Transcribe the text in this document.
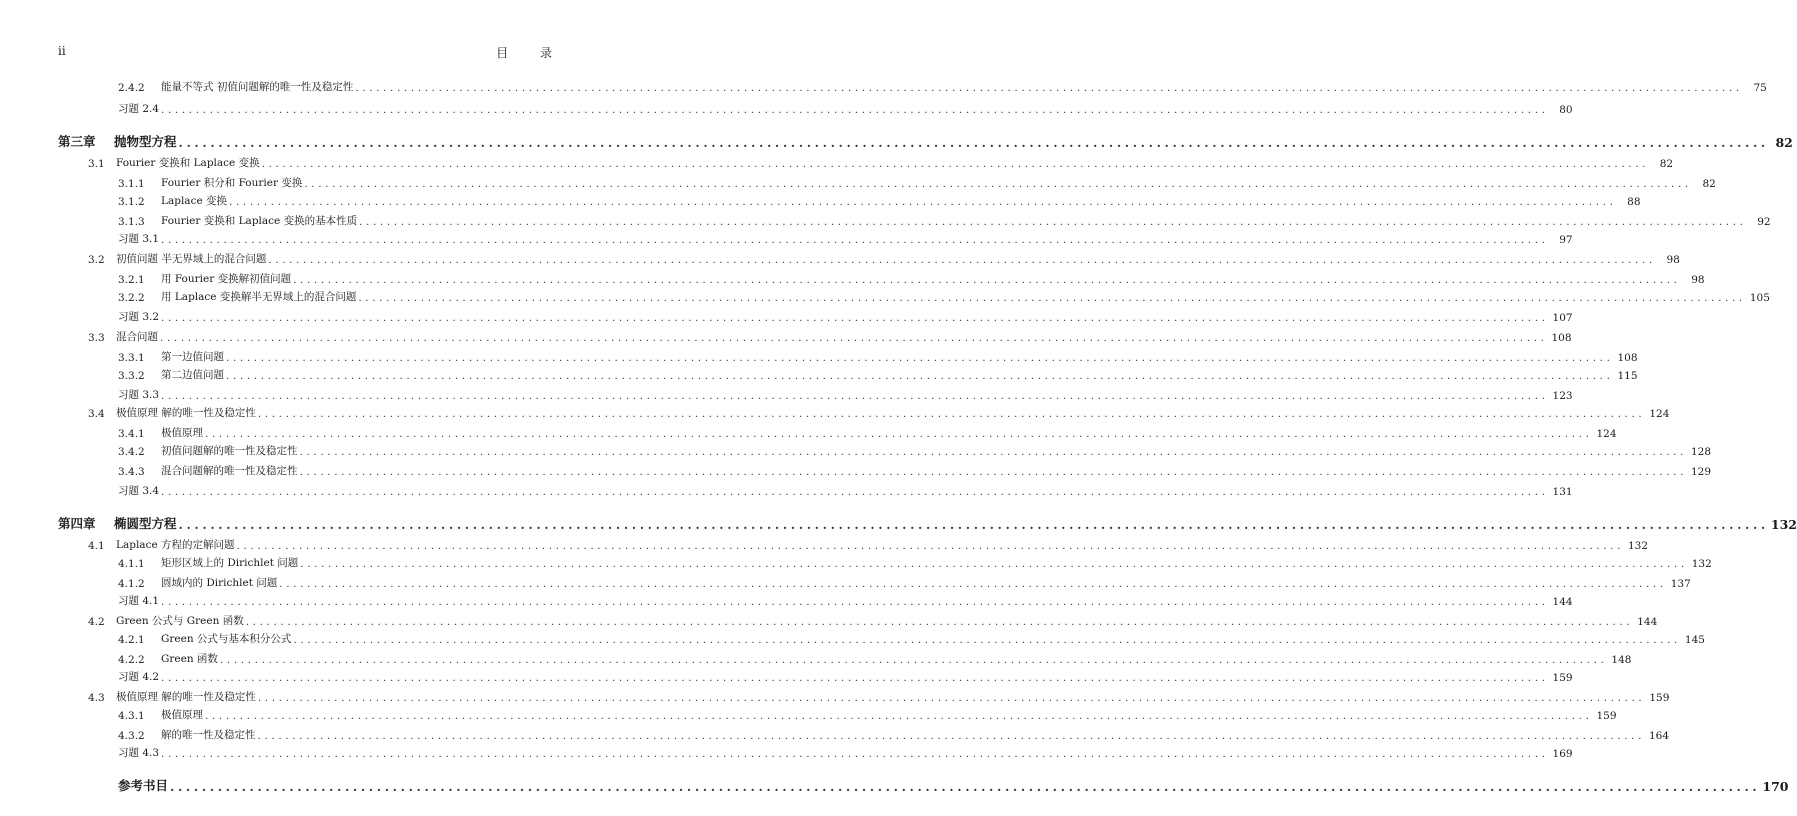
ii	目 录
2.4.2 能量不等式 初值问题解的唯一性及稳定性 ........................................................................................................................................................................................................	75
习题 2.4 ........................................................................................................................................................................................................	80
第三章 抛物型方程 ........................................................................................................................................................................................................ 82
3.1 Fourier 变换和 Laplace 变换 ........................................................................................................................................................................................................	82
3.1.1 Fourier 积分和 Fourier 变换 ........................................................................................................................................................................................................	82
3.1.2 Laplace 变换 ........................................................................................................................................................................................................	88
3.1.3 Fourier 变换和 Laplace 变换的基本性质 ........................................................................................................................................................................................................	92
习题 3.1 ........................................................................................................................................................................................................	97
3.2 初值问题 半无界域上的混合问题 ........................................................................................................................................................................................................	98
3.2.1 用 Fourier 变换解初值问题 ........................................................................................................................................................................................................	98
3.2.2 用 Laplace 变换解半无界域上的混合问题 ........................................................................................................................................................................................................ 105
习题 3.2 ........................................................................................................................................................................................................ 107
3.3 混合问题 ........................................................................................................................................................................................................ 108
3.3.1 第一边值问题 ........................................................................................................................................................................................................ 108
3.3.2 第二边值问题 ........................................................................................................................................................................................................ 115
习题 3.3 ........................................................................................................................................................................................................ 123
3.4 极值原理 解的唯一性及稳定性 ........................................................................................................................................................................................................ 124
3.4.1 极值原理 ........................................................................................................................................................................................................ 124
3.4.2 初值问题解的唯一性及稳定性 ........................................................................................................................................................................................................ 128
3.4.3 混合问题解的唯一性及稳定性 ........................................................................................................................................................................................................ 129
习题 3.4 ........................................................................................................................................................................................................ 131
第四章 椭圆型方程 ........................................................................................................................................................................................................ 132
4.1 Laplace 方程的定解问题 ........................................................................................................................................................................................................ 132
4.1.1 矩形区域上的 Dirichlet 问题 ........................................................................................................................................................................................................ 132
4.1.2 圆域内的 Dirichlet 问题 ........................................................................................................................................................................................................ 137
习题 4.1 ........................................................................................................................................................................................................ 144
4.2 Green 公式与 Green 函数 ........................................................................................................................................................................................................ 144
4.2.1 Green 公式与基本积分公式 ........................................................................................................................................................................................................ 145
4.2.2 Green 函数 ........................................................................................................................................................................................................ 148
习题 4.2 ........................................................................................................................................................................................................ 159
4.3 极值原理 解的唯一性及稳定性 ........................................................................................................................................................................................................ 159
4.3.1 极值原理 ........................................................................................................................................................................................................ 159
4.3.2 解的唯一性及稳定性 ........................................................................................................................................................................................................ 164
习题 4.3 ........................................................................................................................................................................................................ 169
参考书目 ........................................................................................................................................................................................................ 170
